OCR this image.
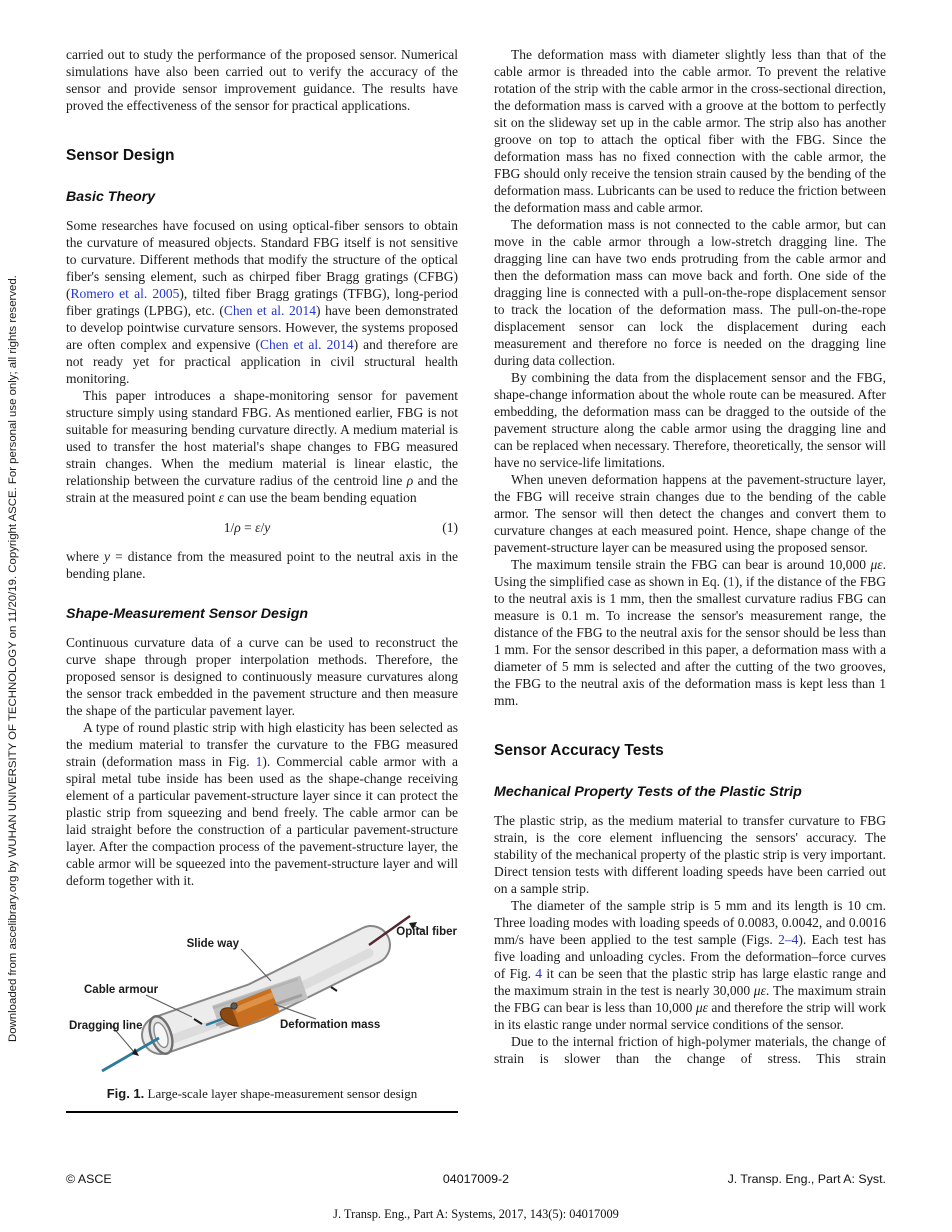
Downloaded from ascelibrary.org by WUHAN UNIVERSITY OF TECHNOLOGY on 11/20/19. Copyright ASCE. For personal use only; all rights reserved.

carried out to study the performance of the proposed sensor. Numerical simulations have also been carried out to verify the accuracy of the sensor and provide sensor improvement guidance. The results have proved the effectiveness of the sensor for practical applications.

Sensor Design
Basic Theory

Some researches have focused on using optical-fiber sensors to obtain the curvature of measured objects. Standard FBG itself is not sensitive to curvature. Different methods that modify the structure of the optical fiber's sensing element, such as chirped fiber Bragg gratings (CFBG) (Romero et al. 2005), tilted fiber Bragg gratings (TFBG), long-period fiber gratings (LPBG), etc. (Chen et al. 2014) have been demonstrated to develop pointwise curvature sensors. However, the systems proposed are often complex and expensive (Chen et al. 2014) and therefore are not ready yet for practical application in civil structural health monitoring.

This paper introduces a shape-monitoring sensor for pavement structure simply using standard FBG. As mentioned earlier, FBG is not suitable for measuring bending curvature directly. A medium material is used to transfer the host material's shape changes to FBG measured strain changes. When the medium material is linear elastic, the relationship between the curvature radius of the centroid line ρ and the strain at the measured point ε can use the beam bending equation

1/ρ = ε/y	(1)

where y = distance from the measured point to the neutral axis in the bending plane.

Shape-Measurement Sensor Design

Continuous curvature data of a curve can be used to reconstruct the curve shape through proper interpolation methods. Therefore, the proposed sensor is designed to continuously measure curvatures along the sensor track embedded in the pavement structure and then measure the shape of the particular pavement layer.

A type of round plastic strip with high elasticity has been selected as the medium material to transfer the curvature to the FBG measured strain (deformation mass in Fig. 1). Commercial cable armor with a spiral metal tube inside has been used as the shape-change receiving element of a particular pavement-structure layer since it can protect the plastic strip from squeezing and bend freely. The cable armor can be laid straight before the construction of a particular pavement-structure layer. After the compaction process of the pavement-structure layer, the cable armor will be squeezed into the pavement-structure layer and will deform together with it.

Slide way
Opital fiber
Cable armour
Deformation mass
Dragging line
Fig. 1. Large-scale layer shape-measurement sensor design

The deformation mass with diameter slightly less than that of the cable armor is threaded into the cable armor. To prevent the relative rotation of the strip with the cable armor in the cross-sectional direction, the deformation mass is carved with a groove at the bottom to perfectly sit on the slideway set up in the cable armor. The strip also has another groove on top to attach the optical fiber with the FBG. Since the deformation mass has no fixed connection with the cable armor, the FBG should only receive the tension strain caused by the bending of the deformation mass. Lubricants can be used to reduce the friction between the deformation mass and cable armor.

The deformation mass is not connected to the cable armor, but can move in the cable armor through a low-stretch dragging line. The dragging line can have two ends protruding from the cable armor and then the deformation mass can move back and forth. One side of the dragging line is connected with a pull-on-the-rope displacement sensor to track the location of the deformation mass. The pull-on-the-rope displacement sensor can lock the displacement during each measurement and therefore no force is needed on the dragging line during data collection.

By combining the data from the displacement sensor and the FBG, shape-change information about the whole route can be measured. After embedding, the deformation mass can be dragged to the outside of the pavement structure along the cable armor using the dragging line and can be replaced when necessary. Therefore, theoretically, the sensor will have no service-life limitations.

When uneven deformation happens at the pavement-structure layer, the FBG will receive strain changes due to the bending of the cable armor. The sensor will then detect the changes and convert them to curvature changes at each measured point. Hence, shape change of the pavement-structure layer can be measured using the proposed sensor.

The maximum tensile strain the FBG can bear is around 10,000 με. Using the simplified case as shown in Eq. (1), if the distance of the FBG to the neutral axis is 1 mm, then the smallest curvature radius FBG can measure is 0.1 m. To increase the sensor's measurement range, the distance of the FBG to the neutral axis for the sensor should be less than 1 mm. For the sensor described in this paper, a deformation mass with a diameter of 5 mm is selected and after the cutting of the two grooves, the FBG to the neutral axis of the deformation mass is kept less than 1 mm.

Sensor Accuracy Tests
Mechanical Property Tests of the Plastic Strip

The plastic strip, as the medium material to transfer curvature to FBG strain, is the core element influencing the sensors' accuracy. The stability of the mechanical property of the plastic strip is very important. Direct tension tests with different loading speeds have been carried out on a sample strip.

The diameter of the sample strip is 5 mm and its length is 10 cm. Three loading modes with loading speeds of 0.0083, 0.0042, and 0.0016 mm/s have been applied to the test sample (Figs. 2–4). Each test has five loading and unloading cycles. From the deformation–force curves of Fig. 4 it can be seen that the plastic strip has large elastic range and the maximum strain in the test is nearly 30,000 με. The maximum strain the FBG can bear is less than 10,000 με and therefore the strip will work in its elastic range under normal service conditions of the sensor.

Due to the internal friction of high-polymer materials, the change of strain is slower than the change of stress. This strain

© ASCE	04017009-2	J. Transp. Eng., Part A: Syst.
J. Transp. Eng., Part A: Systems, 2017, 143(5): 04017009
